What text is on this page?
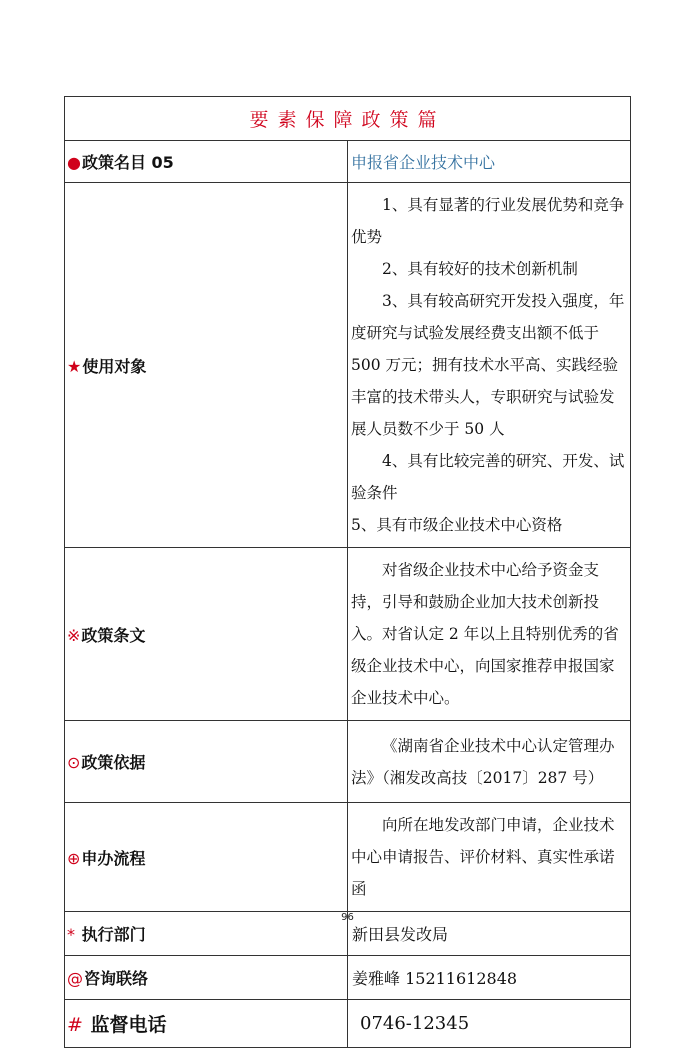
要素保障政策篇	
●政策名目 05	申报省企业技术中心
★使用对象	1、具有显著的行业发展优势和竞争优势

2、具有较好的技术创新机制

3、具有较高研究开发投入强度，年度研究与试验发展经费支出额不低于 500 万元；拥有技术水平高、实践经验丰富的技术带头人，专职研究与试验发展人员数不少于 50 人

4、具有比较完善的研究、开发、试验条件

5、具有市级企业技术中心资格

※政策条文	对省级企业技术中心给予资金支持，引导和鼓励企业加大技术创新投入。对省认定 2 年以上且特别优秀的省级企业技术中心，向国家推荐申报国家企业技术中心。

⊙政策依据	《湖南省企业技术中心认定管理办法》（湘发改高技〔2017〕287 号）

⊕申办流程	向所在地发改部门申请，企业技术中心申请报告、评价材料、真实性承诺函

* 执行部门	新田县发改局
@咨询联络	姜雅峰 15211612848
# 监督电话	0746-12345
96
